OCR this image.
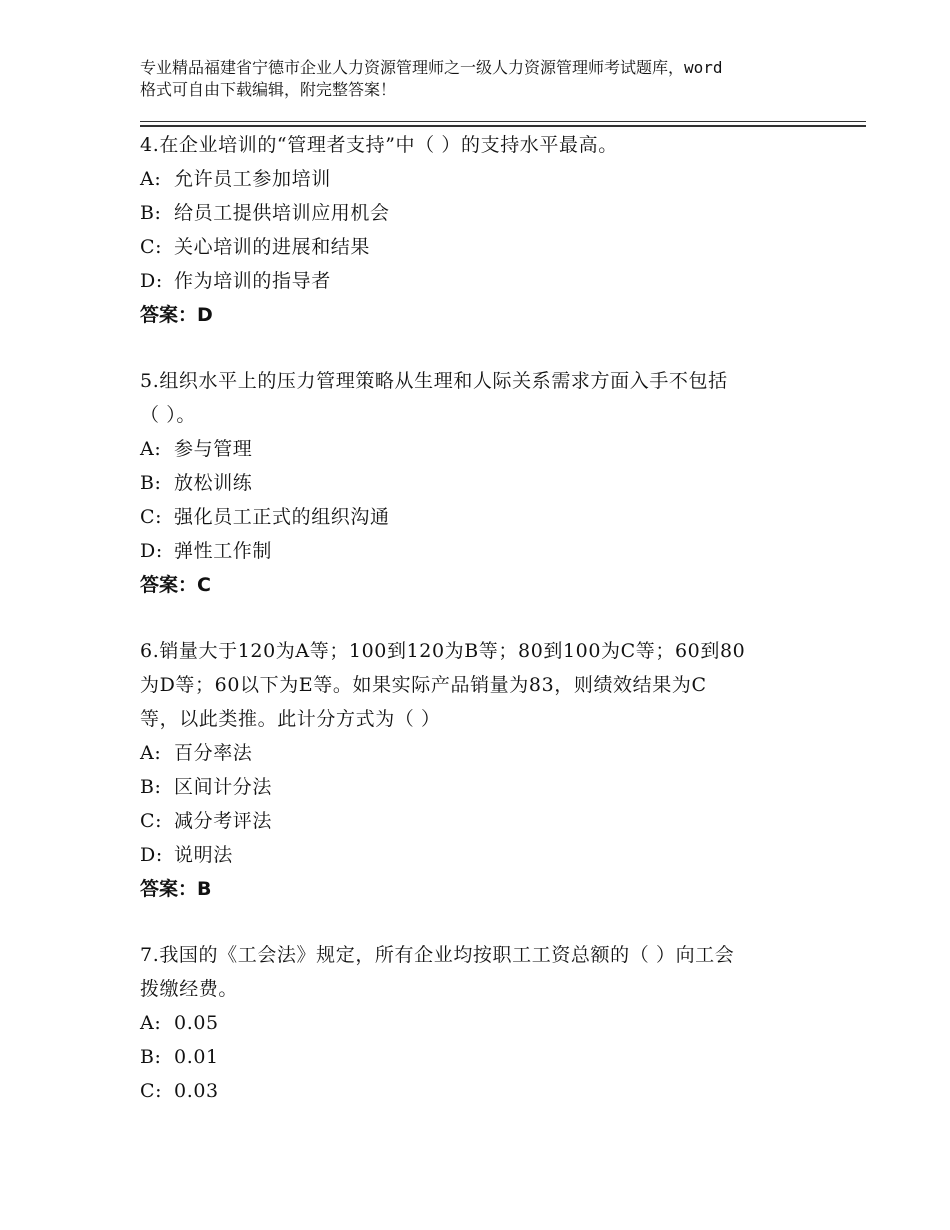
专业精品福建省宁德市企业人力资源管理师之一级人力资源管理师考试题库，word
格式可自由下载编辑，附完整答案！
4.在企业培训的“管理者支持”中（ ）的支持水平最高。
A: 允许员工参加培训
B: 给员工提供培训应用机会
C: 关心培训的进展和结果
D: 作为培训的指导者
答案：D
5.组织水平上的压力管理策略从生理和人际关系需求方面入手不包括
（ ）。
A: 参与管理
B: 放松训练
C: 强化员工正式的组织沟通
D: 弹性工作制
答案：C
6.销量大于120为A等；100到120为B等；80到100为C等；60到80
为D等；60以下为E等。如果实际产品销量为83，则绩效结果为C
等，以此类推。此计分方式为（ ）
A: 百分率法
B: 区间计分法
C: 减分考评法
D: 说明法
答案：B
7.我国的《工会法》规定，所有企业均按职工工资总额的（ ）向工会
拨缴经费。
A: 0.05
B: 0.01
C: 0.03
